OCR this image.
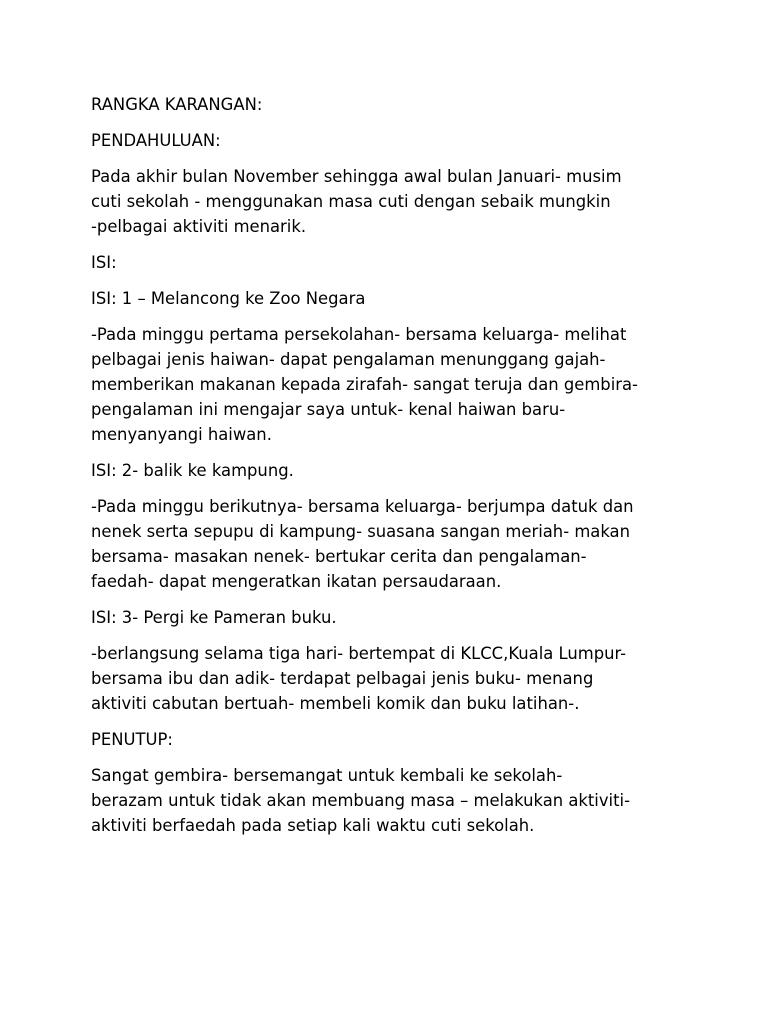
RANGKA KARANGAN:

PENDAHULUAN:

Pada akhir bulan November sehingga awal bulan Januari- musim
cuti sekolah - menggunakan masa cuti dengan sebaik mungkin
-pelbagai aktiviti menarik.

ISI:

ISI: 1 – Melancong ke Zoo Negara

-Pada minggu pertama persekolahan- bersama keluarga- melihat
pelbagai jenis haiwan- dapat pengalaman menunggang gajah-
memberikan makanan kepada zirafah- sangat teruja dan gembira-
pengalaman ini mengajar saya untuk- kenal haiwan baru-
menyanyangi haiwan.

ISI: 2- balik ke kampung.

-Pada minggu berikutnya- bersama keluarga- berjumpa datuk dan
nenek serta sepupu di kampung- suasana sangan meriah- makan
bersama- masakan nenek- bertukar cerita dan pengalaman-
faedah- dapat mengeratkan ikatan persaudaraan.

ISI: 3- Pergi ke Pameran buku.

-berlangsung selama tiga hari- bertempat di KLCC,Kuala Lumpur-
bersama ibu dan adik- terdapat pelbagai jenis buku- menang
aktiviti cabutan bertuah- membeli komik dan buku latihan-.

PENUTUP:

Sangat gembira- bersemangat untuk kembali ke sekolah-
berazam untuk tidak akan membuang masa – melakukan aktiviti-
aktiviti berfaedah pada setiap kali waktu cuti sekolah.
